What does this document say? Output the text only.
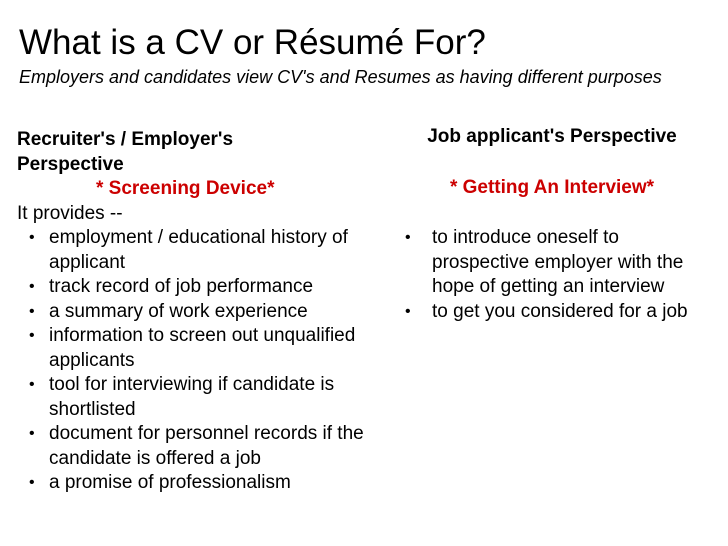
What is a CV or Résumé For?
Employers and candidates view CV's and Resumes as having different purposes
Recruiter's / Employer's Perspective
* Screening Device*
It provides --
• employment / educational history of applicant
• track record of job performance
• a summary of work experience
• information to screen out unqualified applicants
• tool for interviewing if candidate is shortlisted
• document for personnel records if the candidate is offered a job
• a promise of professionalism
Job applicant's Perspective
* Getting An Interview*
•	to introduce oneself to prospective employer with the hope of getting an interview
•	to get you considered for a job
